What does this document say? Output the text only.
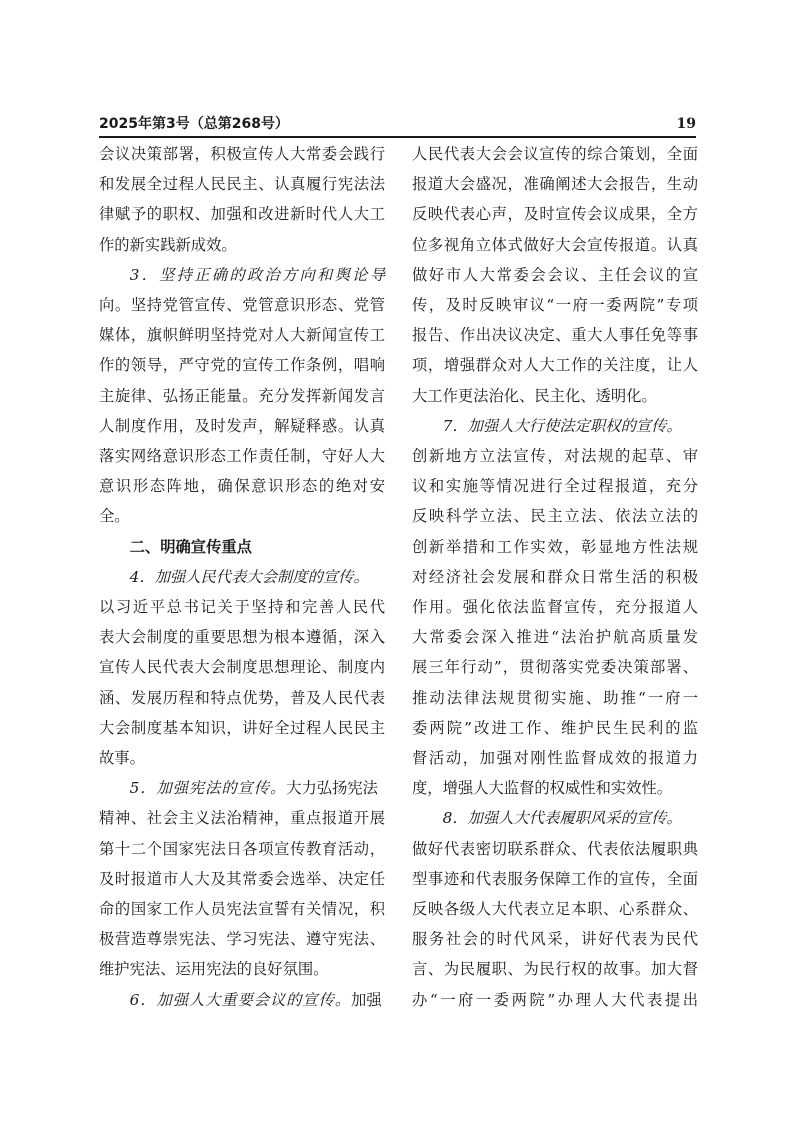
2025年第3号（总第268号）	19

会议决策部署，积极宣传人大常委会践行
和发展全过程人民民主、认真履行宪法法
律赋予的职权、加强和改进新时代人大工
作的新实践新成效。

3．坚持正确的政治方向和舆论导
向。坚持党管宣传、党管意识形态、党管
媒体，旗帜鲜明坚持党对人大新闻宣传工
作的领导，严守党的宣传工作条例，唱响
主旋律、弘扬正能量。充分发挥新闻发言
人制度作用，及时发声，解疑释惑。认真
落实网络意识形态工作责任制，守好人大
意识形态阵地，确保意识形态的绝对安
全。

二、明确宣传重点

4．加强人民代表大会制度的宣传。
以习近平总书记关于坚持和完善人民代
表大会制度的重要思想为根本遵循，深入
宣传人民代表大会制度思想理论、制度内
涵、发展历程和特点优势，普及人民代表
大会制度基本知识，讲好全过程人民民主
故事。

5．加强宪法的宣传。大力弘扬宪法
精神、社会主义法治精神，重点报道开展
第十二个国家宪法日各项宣传教育活动，
及时报道市人大及其常委会选举、决定任
命的国家工作人员宪法宣誓有关情况，积
极营造尊崇宪法、学习宪法、遵守宪法、
维护宪法、运用宪法的良好氛围。

6．加强人大重要会议的宣传。加强

人民代表大会会议宣传的综合策划，全面
报道大会盛况，准确阐述大会报告，生动
反映代表心声，及时宣传会议成果，全方
位多视角立体式做好大会宣传报道。认真
做好市人大常委会会议、主任会议的宣
传，及时反映审议“一府一委两院”专项
报告、作出决议决定、重大人事任免等事
项，增强群众对人大工作的关注度，让人
大工作更法治化、民主化、透明化。

7．加强人大行使法定职权的宣传。
创新地方立法宣传，对法规的起草、审
议和实施等情况进行全过程报道，充分
反映科学立法、民主立法、依法立法的
创新举措和工作实效，彰显地方性法规
对经济社会发展和群众日常生活的积极
作用。强化依法监督宣传，充分报道人
大常委会深入推进“法治护航高质量发
展三年行动”，贯彻落实党委决策部署、
推动法律法规贯彻实施、助推“一府一
委两院”改进工作、维护民生民利的监
督活动，加强对刚性监督成效的报道力
度，增强人大监督的权威性和实效性。

8．加强人大代表履职风采的宣传。
做好代表密切联系群众、代表依法履职典
型事迹和代表服务保障工作的宣传，全面
反映各级人大代表立足本职、心系群众、
服务社会的时代风采，讲好代表为民代
言、为民履职、为民行权的故事。加大督
办“一府一委两院”办理人大代表提出
